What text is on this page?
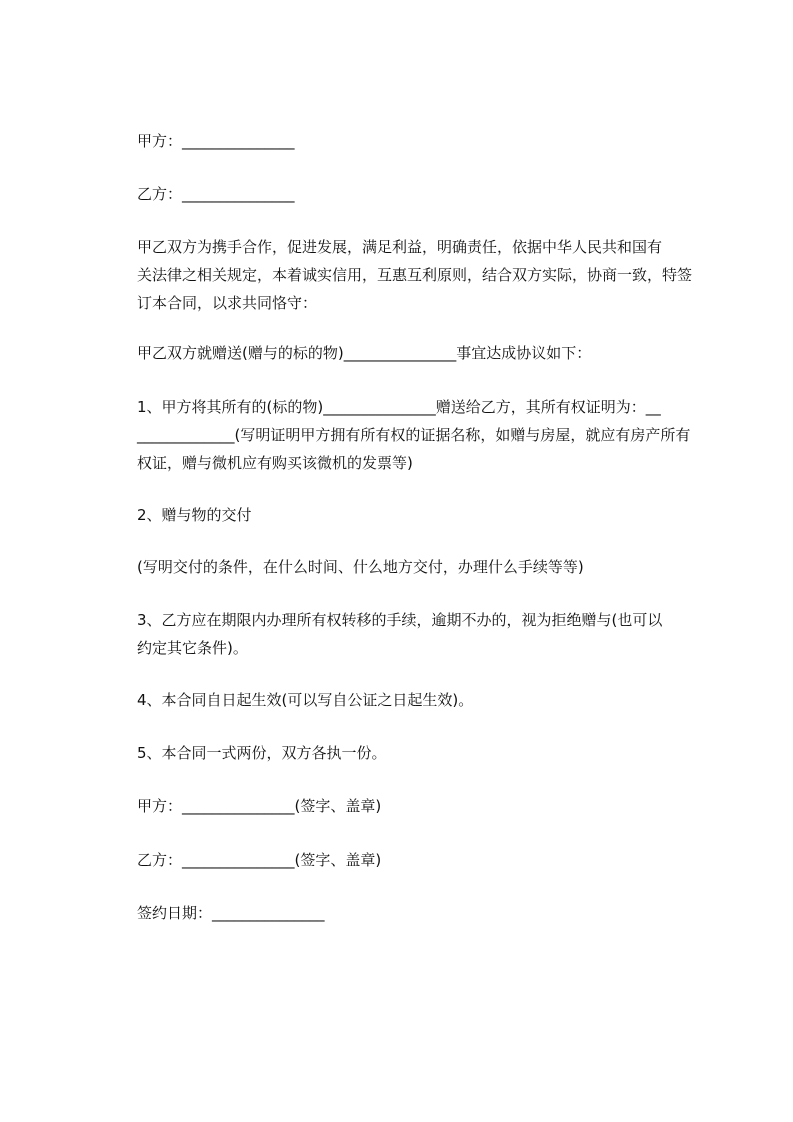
甲方：_______________
乙方：_______________
甲乙双方为携手合作，促进发展，满足利益，明确责任，依据中华人民共和国有
关法律之相关规定，本着诚实信用，互惠互利原则，结合双方实际，协商一致，特签
订本合同，以求共同恪守：
甲乙双方就赠送(赠与的标的物)_______________事宜达成协议如下：
1、甲方将其所有的(标的物)_______________赠送给乙方，其所有权证明为：__
_____________(写明证明甲方拥有所有权的证据名称，如赠与房屋，就应有房产所有
权证，赠与微机应有购买该微机的发票等)
2、赠与物的交付
(写明交付的条件，在什么时间、什么地方交付，办理什么手续等等)
3、乙方应在期限内办理所有权转移的手续，逾期不办的，视为拒绝赠与(也可以
约定其它条件)。
4、本合同自日起生效(可以写自公证之日起生效)。
5、本合同一式两份，双方各执一份。
甲方：_______________(签字、盖章)
乙方：_______________(签字、盖章)
签约日期：_______________
